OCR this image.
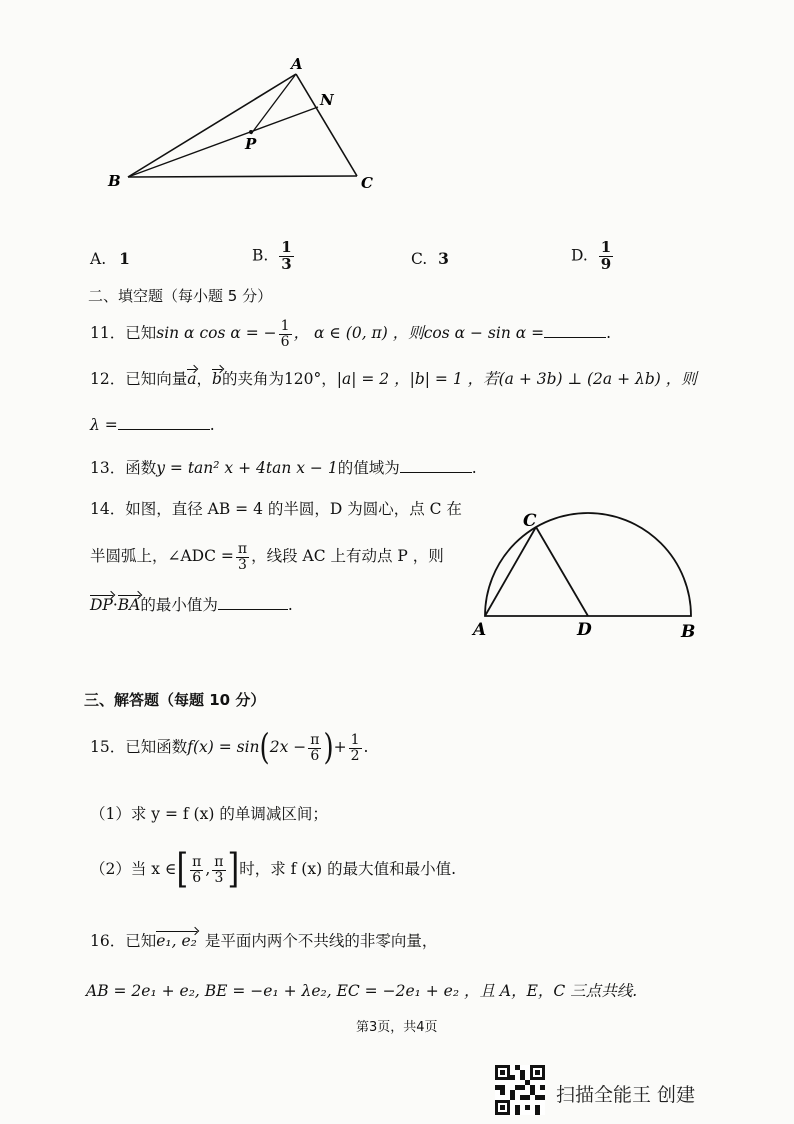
A
N
P
B	C
A. 1	B. $\frac{1}{3}$	C. 3	D. $\frac{1}{9}$
二、填空题（每小题 5 分）
11．已知sin α cos α = − $\frac{1}{6}$ ， α ∈ (0, π) ，则cos α − sin α =	.
12．已知向量a，b的夹角为120°，|a| = 2 ，|b| = 1 ，若(a + 3b) ⊥ (2a + λb) ，则
λ =	.
13．函数y = tan² x + 4tan x − 1的值域为	.
14．如图，直径 AB = 4 的半圆，D 为圆心，点 C 在
半圆弧上，∠ADC = $\frac{\pi}{3}$ ，线段 AC 上有动点 P ，则
DP·BA的最小值为	.
C
A	D	B
三、解答题（每题 10 分）
15．已知函数$f(x) = \sin(2x - \frac{\pi}{6}$ )+ $\frac{1}{2}$ .
（1）求 y = f (x) 的单调减区间；
（2）当 x ∈[ $\frac{\pi}{6}$ , $\frac{\pi}{3}$ ]时，求 f (x) 的最大值和最小值.
16．已知e₁, e₂ 是平面内两个不共线的非零向量，
AB = 2e₁ + e₂, BE = −e₁ + λe₂, EC = −2e₁ + e₂ ，且 A，E，C 三点共线.
第3页，共4页
扫描全能王 创建
